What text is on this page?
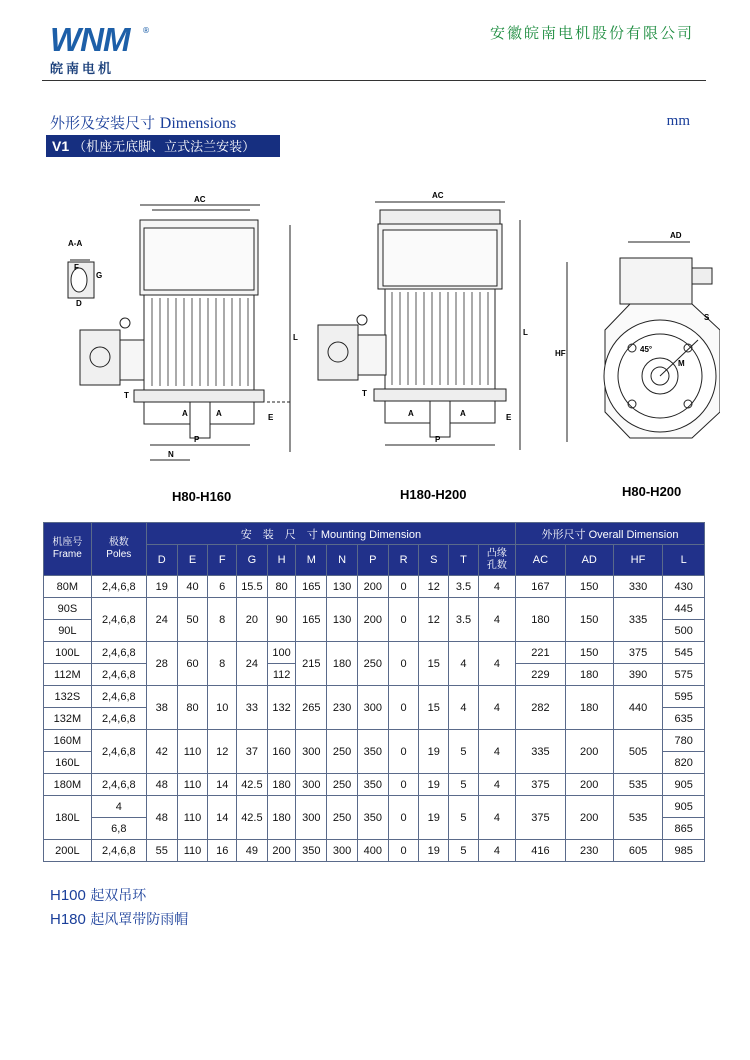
WNM	®
皖南电机
安徽皖南电机股份有限公司
外形及安装尺寸 Dimensions	mm
V1 （机座无底脚、立式法兰安装）
A-A
G
F
D
AC
L
E
T
A	A
P
N
AC
L
E
T
A	A
P
AD
HF
S
M
45°
H80-H160	H180-H200	H80-H200
机座号
Frame	极数
Poles	安　装　尺　寸 Mounting Dimension												外形尺寸 Overall Dimension			
		D	E	F	G	H	M	N	P	R	S	T	凸缘
孔数	AC	AD	HF	L
80M	2,4,6,8	19	40	6	15.5	80	165	130	200	0	12	3.5	4	167	150	330	430
90S	2,4,6,8	24	50	8	20	90	165	130	200	0	12	3.5	4	180	150	335	445
90L																	500
100L	2,4,6,8	28	60	8	24	100	215	180	250	0	15	4	4	221	150	375	545
112M	2,4,6,8					112								229	180	390	575
132S	2,4,6,8	38	80	10	33	132	265	230	300	0	15	4	4	282	180	440	595
132M	2,4,6,8																635
160M	2,4,6,8	42	110	12	37	160	300	250	350	0	19	5	4	335	200	505	780
160L																	820
180M	2,4,6,8	48	110	14	42.5	180	300	250	350	0	19	5	4	375	200	535	905
180L	4	48	110	14	42.5	180	300	250	350	0	19	5	4	375	200	535	905
	6,8																865
200L	2,4,6,8	55	110	16	49	200	350	300	400	0	19	5	4	416	230	605	985
H100 起双吊环
H180 起风罩带防雨帽
